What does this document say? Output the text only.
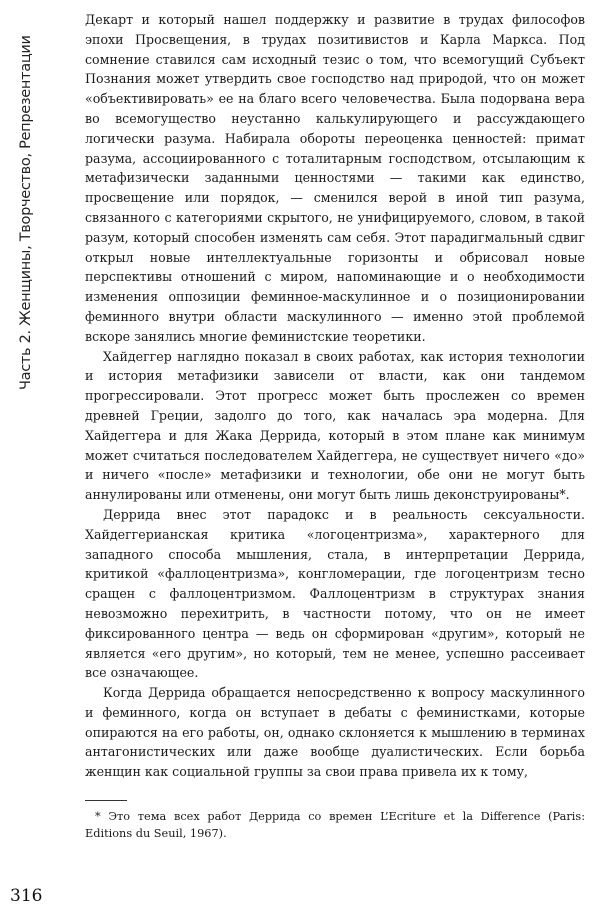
Часть 2. Женщины, Творчество, Репрезентации

Декарт и который нашел поддержку и развитие в трудах философов эпохи Просвещения, в трудах позитивистов и Карла Маркса. Под сомнение ставился сам исходный тезис о том, что всемогущий Субъект Познания может утвердить свое господство над природой, что он может «объективировать» ее на благо всего человечества. Была подорвана вера во всемогущество неустанно калькулирующего и рассуждающего логически разума. Набирала обороты переоценка ценностей: примат разума, ассоциированного с тоталитарным господством, отсылающим к метафизически заданными ценностями — такими как единство, просвещение или порядок, — сменился верой в иной тип разума, связанного с категориями скрытого, не унифицируемого, словом, в такой разум, который способен изменять сам себя. Этот парадигмальный сдвиг открыл новые интеллектуальные горизонты и обрисовал новые перспективы отношений с миром, напоминающие и о необходимости изменения оппозиции феминное-маскулинное и о позиционировании феминного внутри области маскулинного — именно этой проблемой вскоре занялись многие феминистские теоретики.

Хайдеггер наглядно показал в своих работах, как история технологии и история метафизики зависели от власти, как они тандемом прогрессировали. Этот прогресс может быть прослежен со времен древней Греции, задолго до того, как началась эра модерна. Для Хайдеггера и для Жака Деррида, который в этом плане как минимум может считаться последователем Хайдеггера, не существует ничего «до» и ничего «после» метафизики и технологии, обе они не могут быть аннулированы или отменены, они могут быть лишь деконструированы*.

Деррида внес этот парадокс и в реальность сексуальности. Хайдеггерианская критика «логоцентризма», характерного для западного способа мышления, стала, в интерпретации Деррида, критикой «фаллоцентризма», конгломерации, где логоцентризм тесно сращен с фаллоцентризмом. Фаллоцентризм в структурах знания невозможно перехитрить, в частности потому, что он не имеет фиксированного центра — ведь он сформирован «другим», который не является «его другим», но который, тем не менее, успешно рассеивает все означающее.

Когда Деррида обращается непосредственно к вопросу маскулинного и феминного, когда он вступает в дебаты с феминистками, которые опираются на его работы, он, однако склоняется к мышлению в терминах антагонистических или даже вообще дуалистических. Если борьба женщин как социальной группы за свои права привела их к тому,

* Это тема всех работ Деррида со времен L’Ecriture et la Difference (Paris: Editions du Seuil, 1967).
316
